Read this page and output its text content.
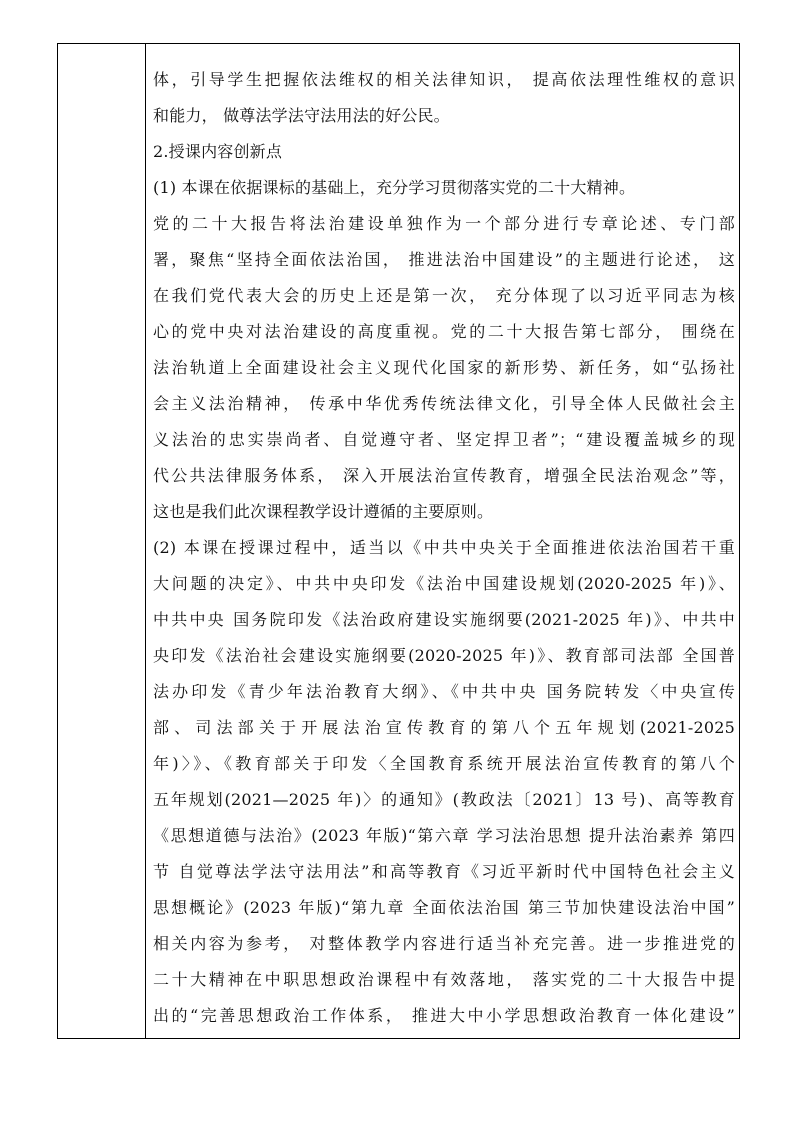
体，引导学生把握依法维权的相关法律知识， 提高依法理性维权的意识
和能力， 做尊法学法守法用法的好公民。
2.授课内容创新点
(1) 本课在依据课标的基础上，充分学习贯彻落实党的二十大精神。
党的二十大报告将法治建设单独作为一个部分进行专章论述、专门部
署，聚焦“坚持全面依法治国， 推进法治中国建设”的主题进行论述， 这
在我们党代表大会的历史上还是第一次， 充分体现了以习近平同志为核
心的党中央对法治建设的高度重视。党的二十大报告第七部分， 围绕在
法治轨道上全面建设社会主义现代化国家的新形势、新任务，如“弘扬社
会主义法治精神， 传承中华优秀传统法律文化，引导全体人民做社会主
义法治的忠实崇尚者、自觉遵守者、坚定捍卫者”；“建设覆盖城乡的现
代公共法律服务体系， 深入开展法治宣传教育，增强全民法治观念”等，
这也是我们此次课程教学设计遵循的主要原则。
(2) 本课在授课过程中，适当以《中共中央关于全面推进依法治国若干重
大问题的决定》、中共中央印发《法治中国建设规划(2020-2025 年)》、
中共中央 国务院印发《法治政府建设实施纲要(2021-2025 年)》、中共中
央印发《法治社会建设实施纲要(2020-2025 年)》、教育部司法部 全国普
法办印发《青少年法治教育大纲》、《中共中央 国务院转发〈中央宣传
部、司法部关于开展法治宣传教育的第八个五年规划(2021-2025
年)〉》、《教育部关于印发〈全国教育系统开展法治宣传教育的第八个
五年规划(2021—2025 年)〉的通知》(教政法〔2021〕13 号)、高等教育
《思想道德与法治》(2023 年版)“第六章 学习法治思想 提升法治素养 第四
节 自觉尊法学法守法用法”和高等教育《习近平新时代中国特色社会主义
思想概论》(2023 年版)“第九章 全面依法治国 第三节加快建设法治中国”
相关内容为参考， 对整体教学内容进行适当补充完善。进一步推进党的
二十大精神在中职思想政治课程中有效落地， 落实党的二十大报告中提
出的“完善思想政治工作体系， 推进大中小学思想政治教育一体化建设”
